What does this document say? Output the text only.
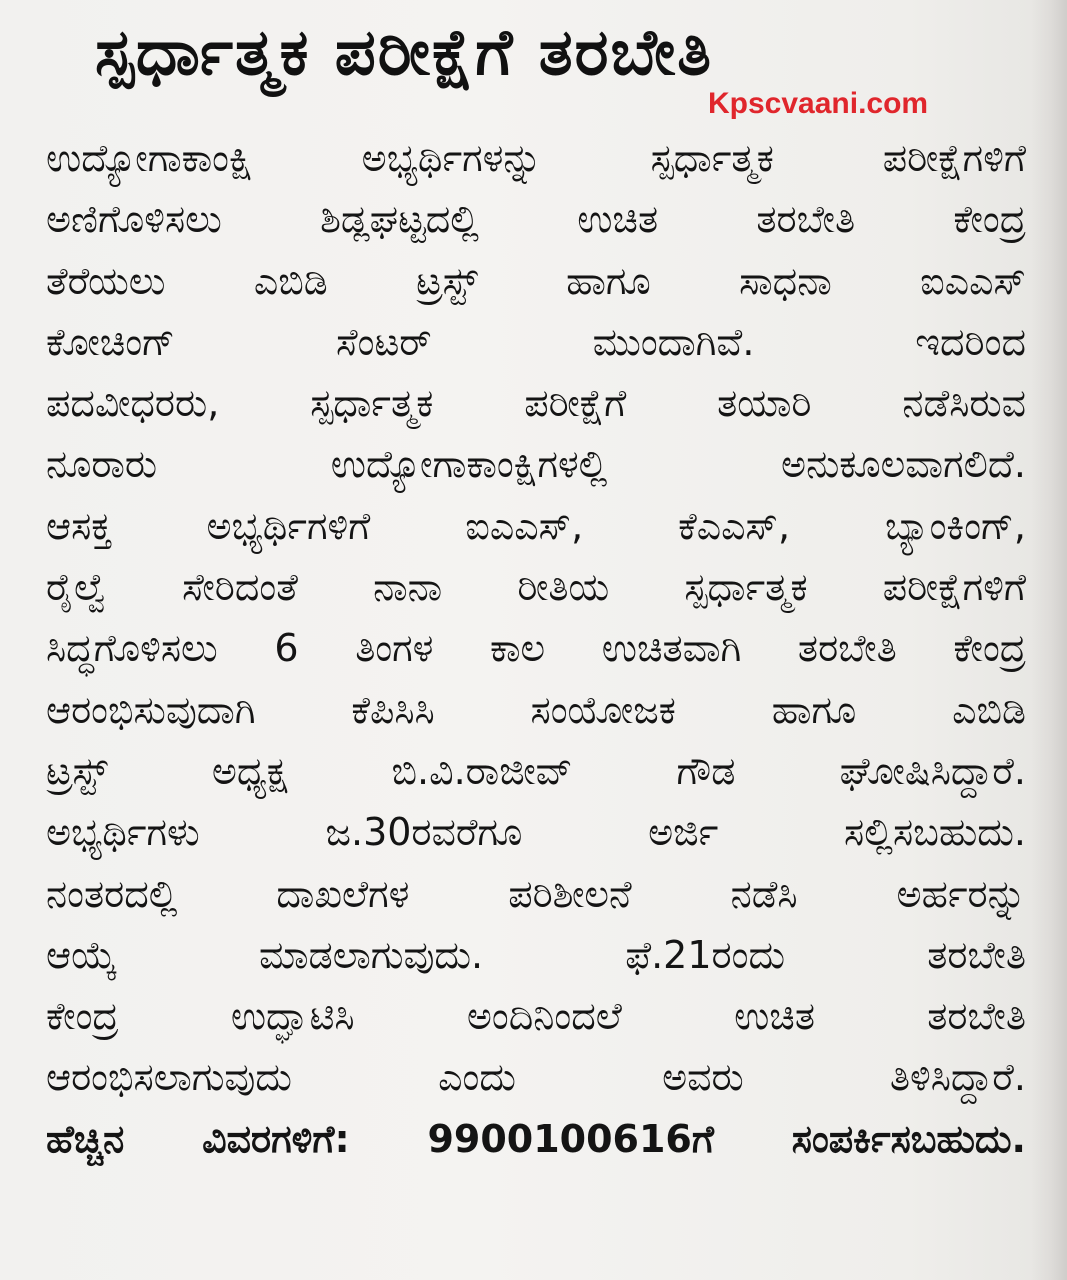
ಸ್ಪರ್ಧಾತ್ಮಕ ಪರೀಕ್ಷೆಗೆ ತರಬೇತಿ
Kpscvaani.com
ಉದ್ಯೋಗಾಕಾಂಕ್ಷಿ ಅಭ್ಯರ್ಥಿಗಳನ್ನು ಸ್ಪರ್ಧಾತ್ಮಕ ಪರೀಕ್ಷೆಗಳಿಗೆ
ಅಣಿಗೊಳಿಸಲು ಶಿಡ್ಲಘಟ್ಟದಲ್ಲಿ ಉಚಿತ ತರಬೇತಿ ಕೇಂದ್ರ
ತೆರೆಯಲು ಎಬಿಡಿ ಟ್ರಸ್ಟ್ ಹಾಗೂ ಸಾಧನಾ ಐಎಎಸ್
ಕೋಚಿಂಗ್ ಸೆಂಟರ್ ಮುಂದಾಗಿವೆ. ಇದರಿಂದ
ಪದವೀಧರರು, ಸ್ಪರ್ಧಾತ್ಮಕ ಪರೀಕ್ಷೆಗೆ ತಯಾರಿ ನಡೆಸಿರುವ
ನೂರಾರು ಉದ್ಯೋಗಾಕಾಂಕ್ಷಿಗಳಲ್ಲಿ ಅನುಕೂಲವಾಗಲಿದೆ.
ಆಸಕ್ತ ಅಭ್ಯರ್ಥಿಗಳಿಗೆ ಐಎಎಸ್, ಕೆಎಎಸ್, ಬ್ಯಾಂಕಿಂಗ್,
ರೈಲ್ವೆ ಸೇರಿದಂತೆ ನಾನಾ ರೀತಿಯ ಸ್ಪರ್ಧಾತ್ಮಕ ಪರೀಕ್ಷೆಗಳಿಗೆ
ಸಿದ್ಧಗೊಳಿಸಲು 6 ತಿಂಗಳ ಕಾಲ ಉಚಿತವಾಗಿ ತರಬೇತಿ ಕೇಂದ್ರ
ಆರಂಭಿಸುವುದಾಗಿ ಕೆಪಿಸಿಸಿ ಸಂಯೋಜಕ ಹಾಗೂ ಎಬಿಡಿ
ಟ್ರಸ್ಟ್ ಅಧ್ಯಕ್ಷ ಬಿ.ವಿ.ರಾಜೀವ್ ಗೌಡ ಘೋಷಿಸಿದ್ದಾರೆ.
ಅಭ್ಯರ್ಥಿಗಳು ಜ.30ರವರೆಗೂ ಅರ್ಜಿ ಸಲ್ಲಿಸಬಹುದು.
ನಂತರದಲ್ಲಿ ದಾಖಲೆಗಳ ಪರಿಶೀಲನೆ ನಡೆಸಿ ಅರ್ಹರನ್ನು
ಆಯ್ಕೆ ಮಾಡಲಾಗುವುದು. ಫೆ.21ರಂದು ತರಬೇತಿ
ಕೇಂದ್ರ ಉದ್ಘಾಟಿಸಿ ಅಂದಿನಿಂದಲೆ ಉಚಿತ ತರಬೇತಿ
ಆರಂಭಿಸಲಾಗುವುದು ಎಂದು ಅವರು ತಿಳಿಸಿದ್ದಾರೆ.
ಹೆಚ್ಚಿನ ವಿವರಗಳಿಗೆ: 9900100616ಗೆ ಸಂಪರ್ಕಿಸಬಹುದು.
